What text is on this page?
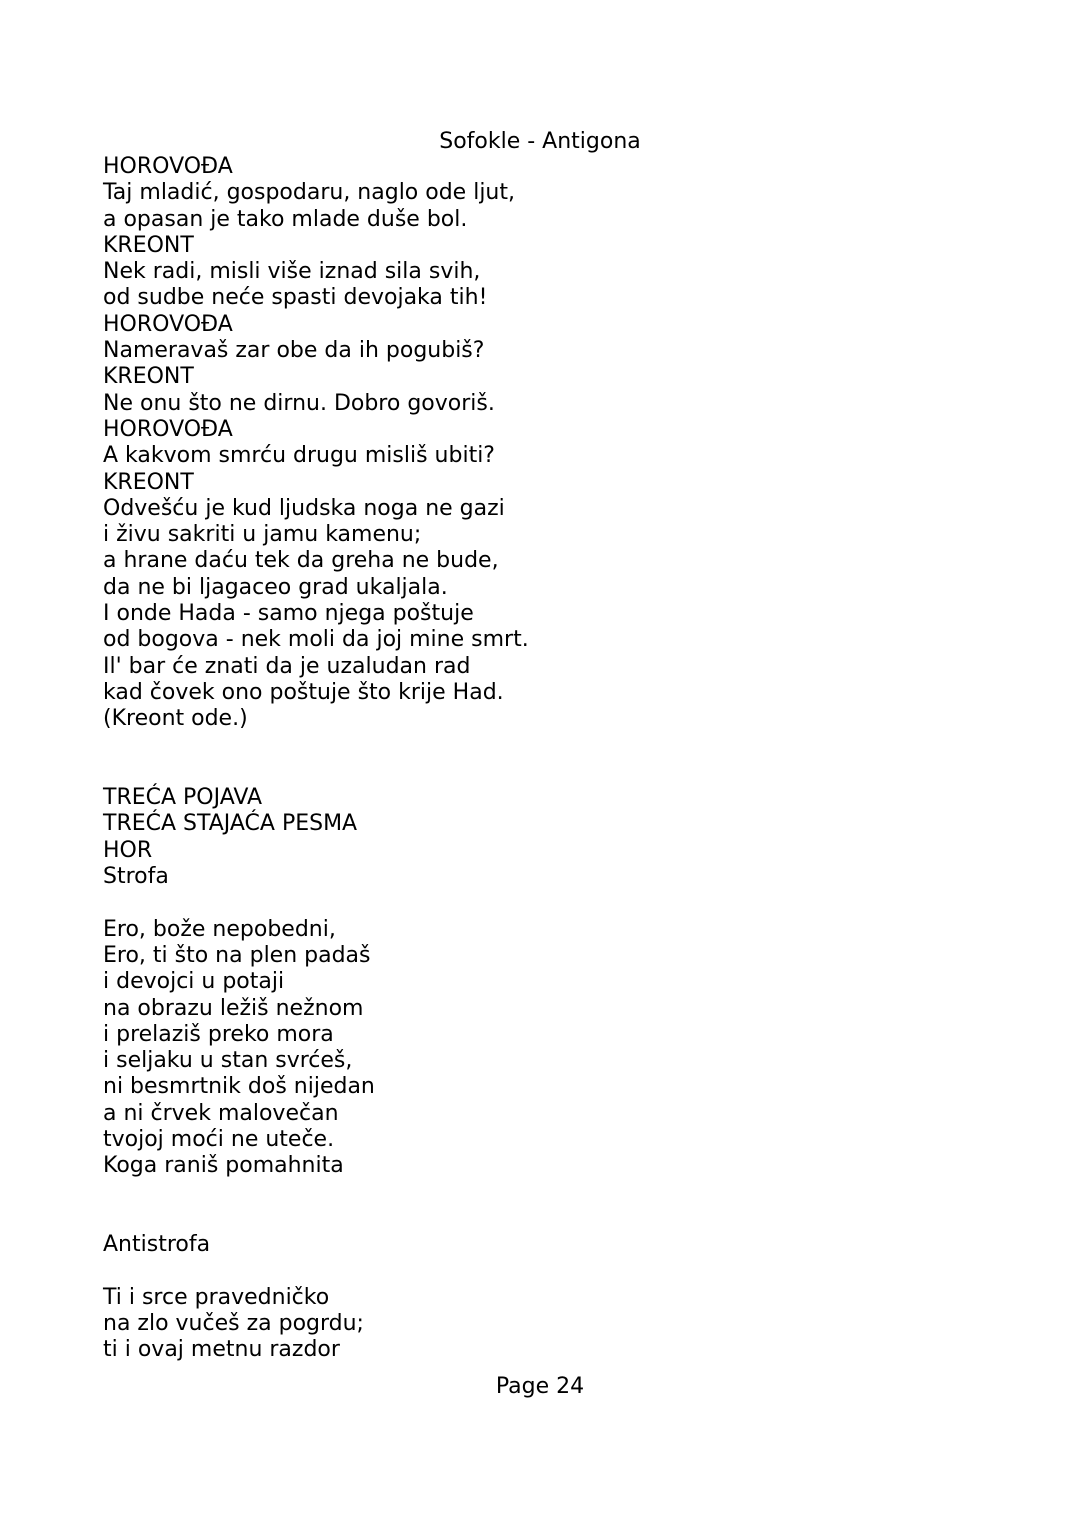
Sofokle - Antigona
HOROVOĐA
Taj mladić, gospodaru, naglo ode ljut,
a opasan je tako mlade duše bol.
KREONT
Nek radi, misli više iznad sila svih,
od sudbe neće spasti devojaka tih!
HOROVOĐA
Nameravaš zar obe da ih pogubiš?
KREONT
Ne onu što ne dirnu. Dobro govoriš.
HOROVOĐA
A kakvom smrću drugu misliš ubiti?
KREONT
Odvešću je kud ljudska noga ne gazi
i živu sakriti u jamu kamenu;
a hrane daću tek da greha ne bude,
da ne bi ljagaceo grad ukaljala.
I onde Hada - samo njega poštuje
od bogova - nek moli da joj mine smrt.
Il' bar će znati da je uzaludan rad
kad čovek ono poštuje što krije Had.
(Kreont ode.)
TREĆA POJAVA
TREĆA STAJAĆA PESMA
HOR
Strofa
Ero, bože nepobedni,
Ero, ti što na plen padaš
i devojci u potaji
na obrazu ležiš nežnom
i prelaziš preko mora
i seljaku u stan svrćeš,
ni besmrtnik doš nijedan
a ni črvek malovečan
tvojoj moći ne uteče.
Koga raniš pomahnita
Antistrofa
Ti i srce pravedničko
na zlo vučeš za pogrdu;
ti i ovaj metnu razdor
Page 24
